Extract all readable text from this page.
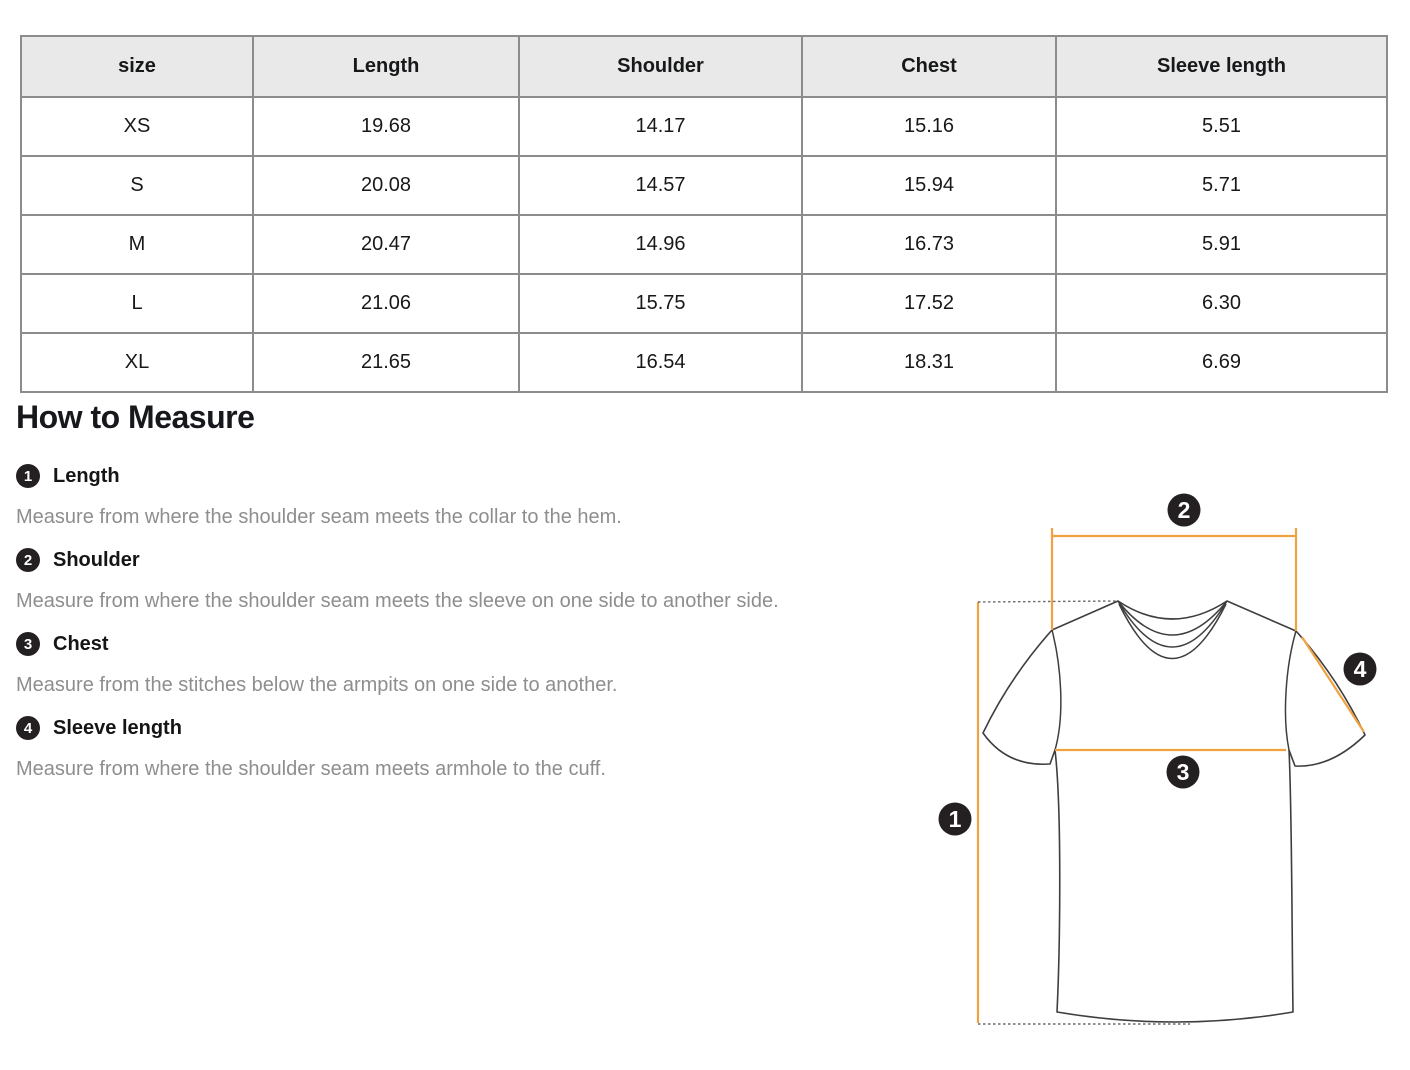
size	Length	Shoulder	Chest	Sleeve length
XS	19.68	14.17	15.16	5.51
S	20.08	14.57	15.94	5.71
M	20.47	14.96	16.73	5.91
L	21.06	15.75	17.52	6.30
XL	21.65	16.54	18.31	6.69
How to Measure
1	Length
Measure from where the shoulder seam meets the collar to the hem.
2	Shoulder
Measure from where the shoulder seam meets the sleeve on one side to another side.
3	Chest
Measure from the stitches below the armpits on one side to another.
4	Sleeve length
Measure from where the shoulder seam meets armhole to the cuff.
1
2
3
4
